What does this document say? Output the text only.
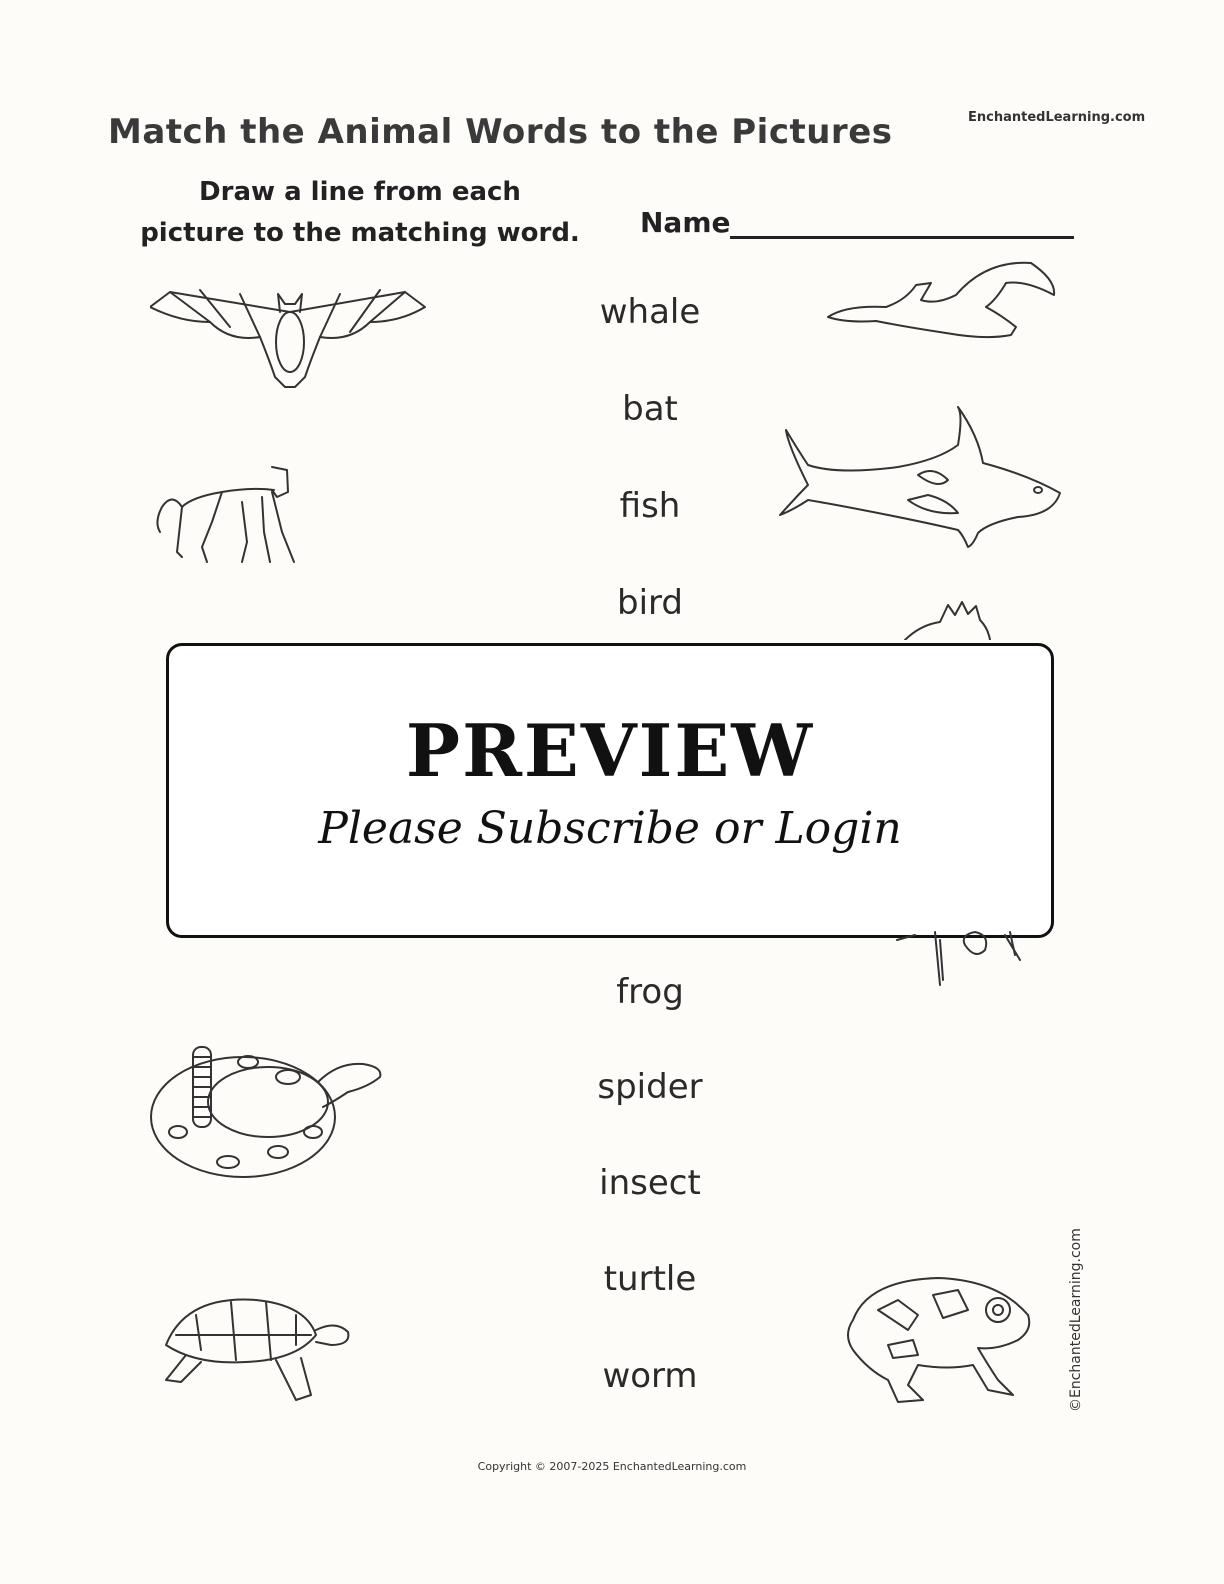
Match the Animal Words to the Pictures	EnchantedLearning.com
Draw a line from each
picture to the matching word. Name
whale
bat
fish
bird
frog
spider
insect
turtle
worm
PREVIEW

Please Subscribe or Login

©EnchantedLearning.com
Copyright © 2007-2025 EnchantedLearning.com
